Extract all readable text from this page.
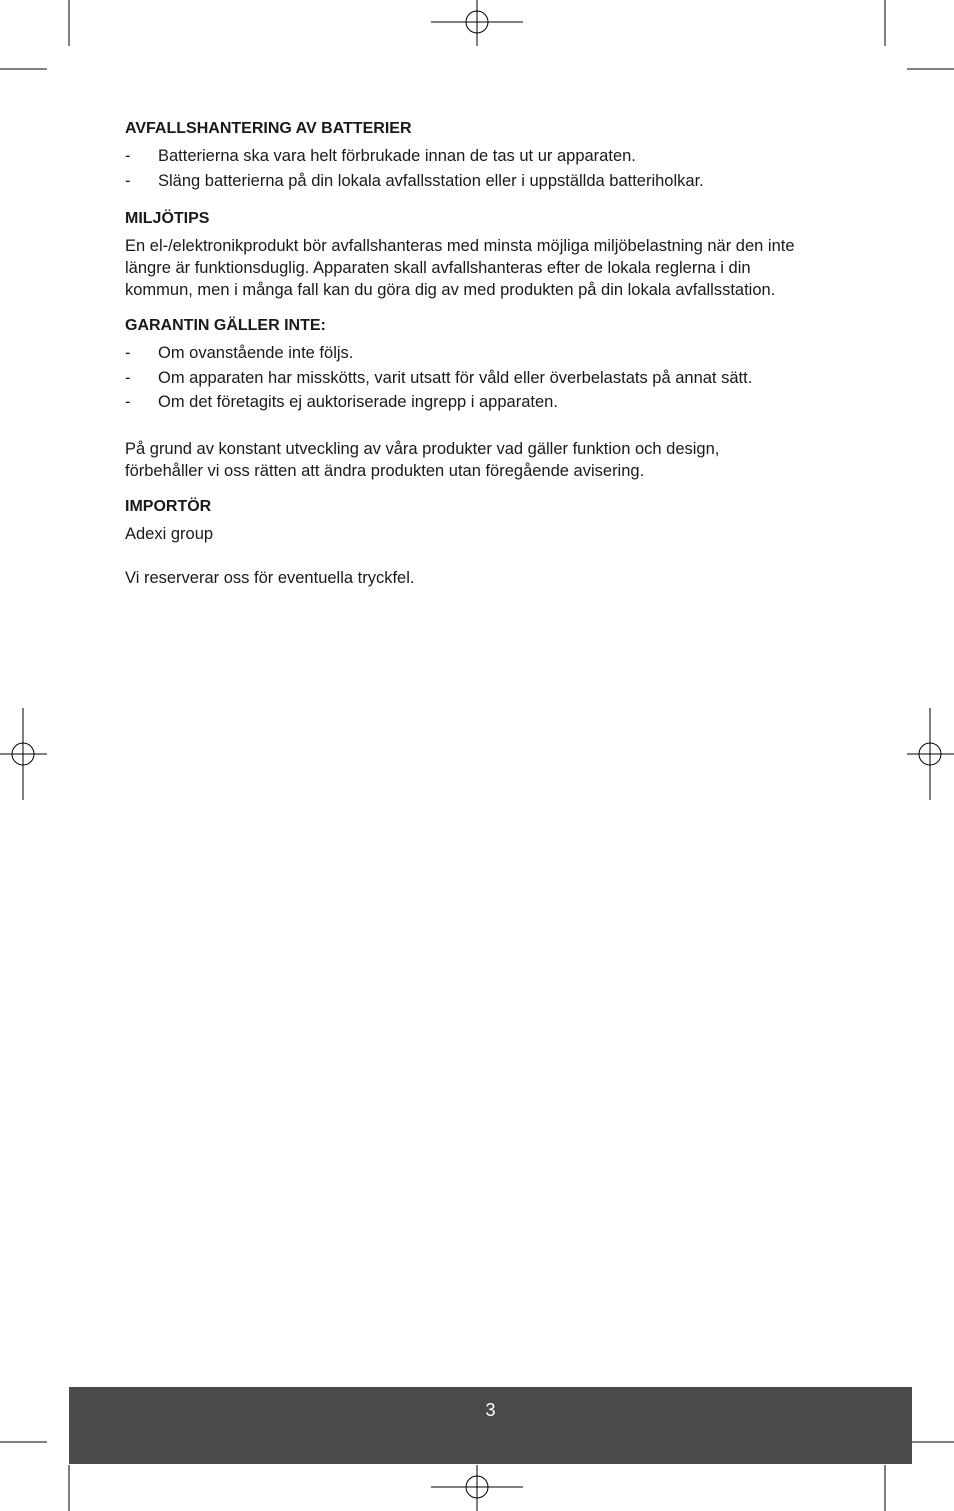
AVFALLSHANTERING AV BATTERIER
- Batterierna ska vara helt förbrukade innan de tas ut ur apparaten.
- Släng batterierna på din lokala avfallsstation eller i uppställda batteriholkar.
MILJÖTIPS

En el-/elektronikprodukt bör avfallshanteras med minsta möjliga miljöbelastning när den inte
längre är funktionsduglig. Apparaten skall avfallshanteras efter de lokala reglerna i din
kommun, men i många fall kan du göra dig av med produkten på din lokala avfallsstation.

GARANTIN GÄLLER INTE:
- Om ovanstående inte följs.
- Om apparaten har misskötts, varit utsatt för våld eller överbelastats på annat sätt.
- Om det företagits ej auktoriserade ingrepp i apparaten.

På grund av konstant utveckling av våra produkter vad gäller funktion och design,
förbehåller vi oss rätten att ändra produkten utan föregående avisering.

IMPORTÖR

Adexi group

Vi reserverar oss för eventuella tryckfel.

3
